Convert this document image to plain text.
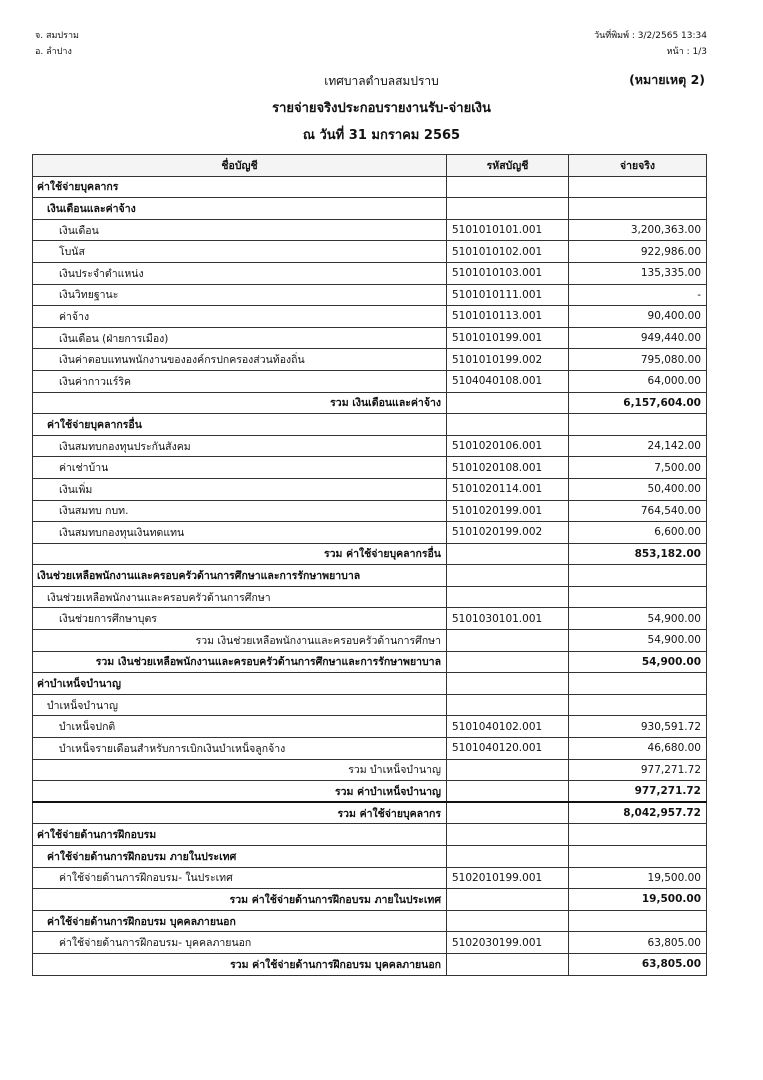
จ. สมปราม
อ. ลำปาง
วันที่พิมพ์ : 3/2/2565 13:34
หน้า : 1/3
เทศบาลตำบลสมปราบ	(หมายเหตุ 2)
รายจ่ายจริงประกอบรายงานรับ-จ่ายเงิน
ณ วันที่ 31 มกราคม 2565
ชื่อบัญชี	รหัสบัญชี	จ่ายจริง
ค่าใช้จ่ายบุคลากร		
เงินเดือนและค่าจ้าง		
เงินเดือน	5101010101.001	3,200,363.00
โบนัส	5101010102.001	922,986.00
เงินประจำตำแหน่ง	5101010103.001	135,335.00
เงินวิทยฐานะ	5101010111.001	-
ค่าจ้าง	5101010113.001	90,400.00
เงินเดือน (ฝ่ายการเมือง)	5101010199.001	949,440.00
เงินค่าตอบแทนพนักงานขององค์กรปกครองส่วนท้องถิ่น	5101010199.002	795,080.00
เงินค่ากาวแร์ริค	5104040108.001	64,000.00
รวม เงินเดือนและค่าจ้าง		6,157,604.00
ค่าใช้จ่ายบุคลากรอื่น		
เงินสมทบกองทุนประกันสังคม	5101020106.001	24,142.00
ค่าเช่าบ้าน	5101020108.001	7,500.00
เงินเพิ่ม	5101020114.001	50,400.00
เงินสมทบ กบท.	5101020199.001	764,540.00
เงินสมทบกองทุนเงินทดแทน	5101020199.002	6,600.00
รวม ค่าใช้จ่ายบุคลากรอื่น		853,182.00
เงินช่วยเหลือพนักงานและครอบครัวด้านการศึกษาและการรักษาพยาบาล		
เงินช่วยเหลือพนักงานและครอบครัวด้านการศึกษา		
เงินช่วยการศึกษาบุตร	5101030101.001	54,900.00
รวม เงินช่วยเหลือพนักงานและครอบครัวด้านการศึกษา		54,900.00
รวม เงินช่วยเหลือพนักงานและครอบครัวด้านการศึกษาและการรักษาพยาบาล		54,900.00
ค่าบำเหน็จบำนาญ		
บำเหน็จบำนาญ		
บำเหน็จปกติ	5101040102.001	930,591.72
บำเหน็จรายเดือนสำหรับการเบิกเงินบำเหน็จลูกจ้าง	5101040120.001	46,680.00
รวม บำเหน็จบำนาญ		977,271.72
รวม ค่าบำเหน็จบำนาญ		977,271.72
รวม ค่าใช้จ่ายบุคลากร		8,042,957.72
ค่าใช้จ่ายด้านการฝึกอบรม		
ค่าใช้จ่ายด้านการฝึกอบรม ภายในประเทศ		
ค่าใช้จ่ายด้านการฝึกอบรม- ในประเทศ	5102010199.001	19,500.00
รวม ค่าใช้จ่ายด้านการฝึกอบรม ภายในประเทศ		19,500.00
ค่าใช้จ่ายด้านการฝึกอบรม บุคคลภายนอก		
ค่าใช้จ่ายด้านการฝึกอบรม- บุคคลภายนอก	5102030199.001	63,805.00
รวม ค่าใช้จ่ายด้านการฝึกอบรม บุคคลภายนอก		63,805.00
